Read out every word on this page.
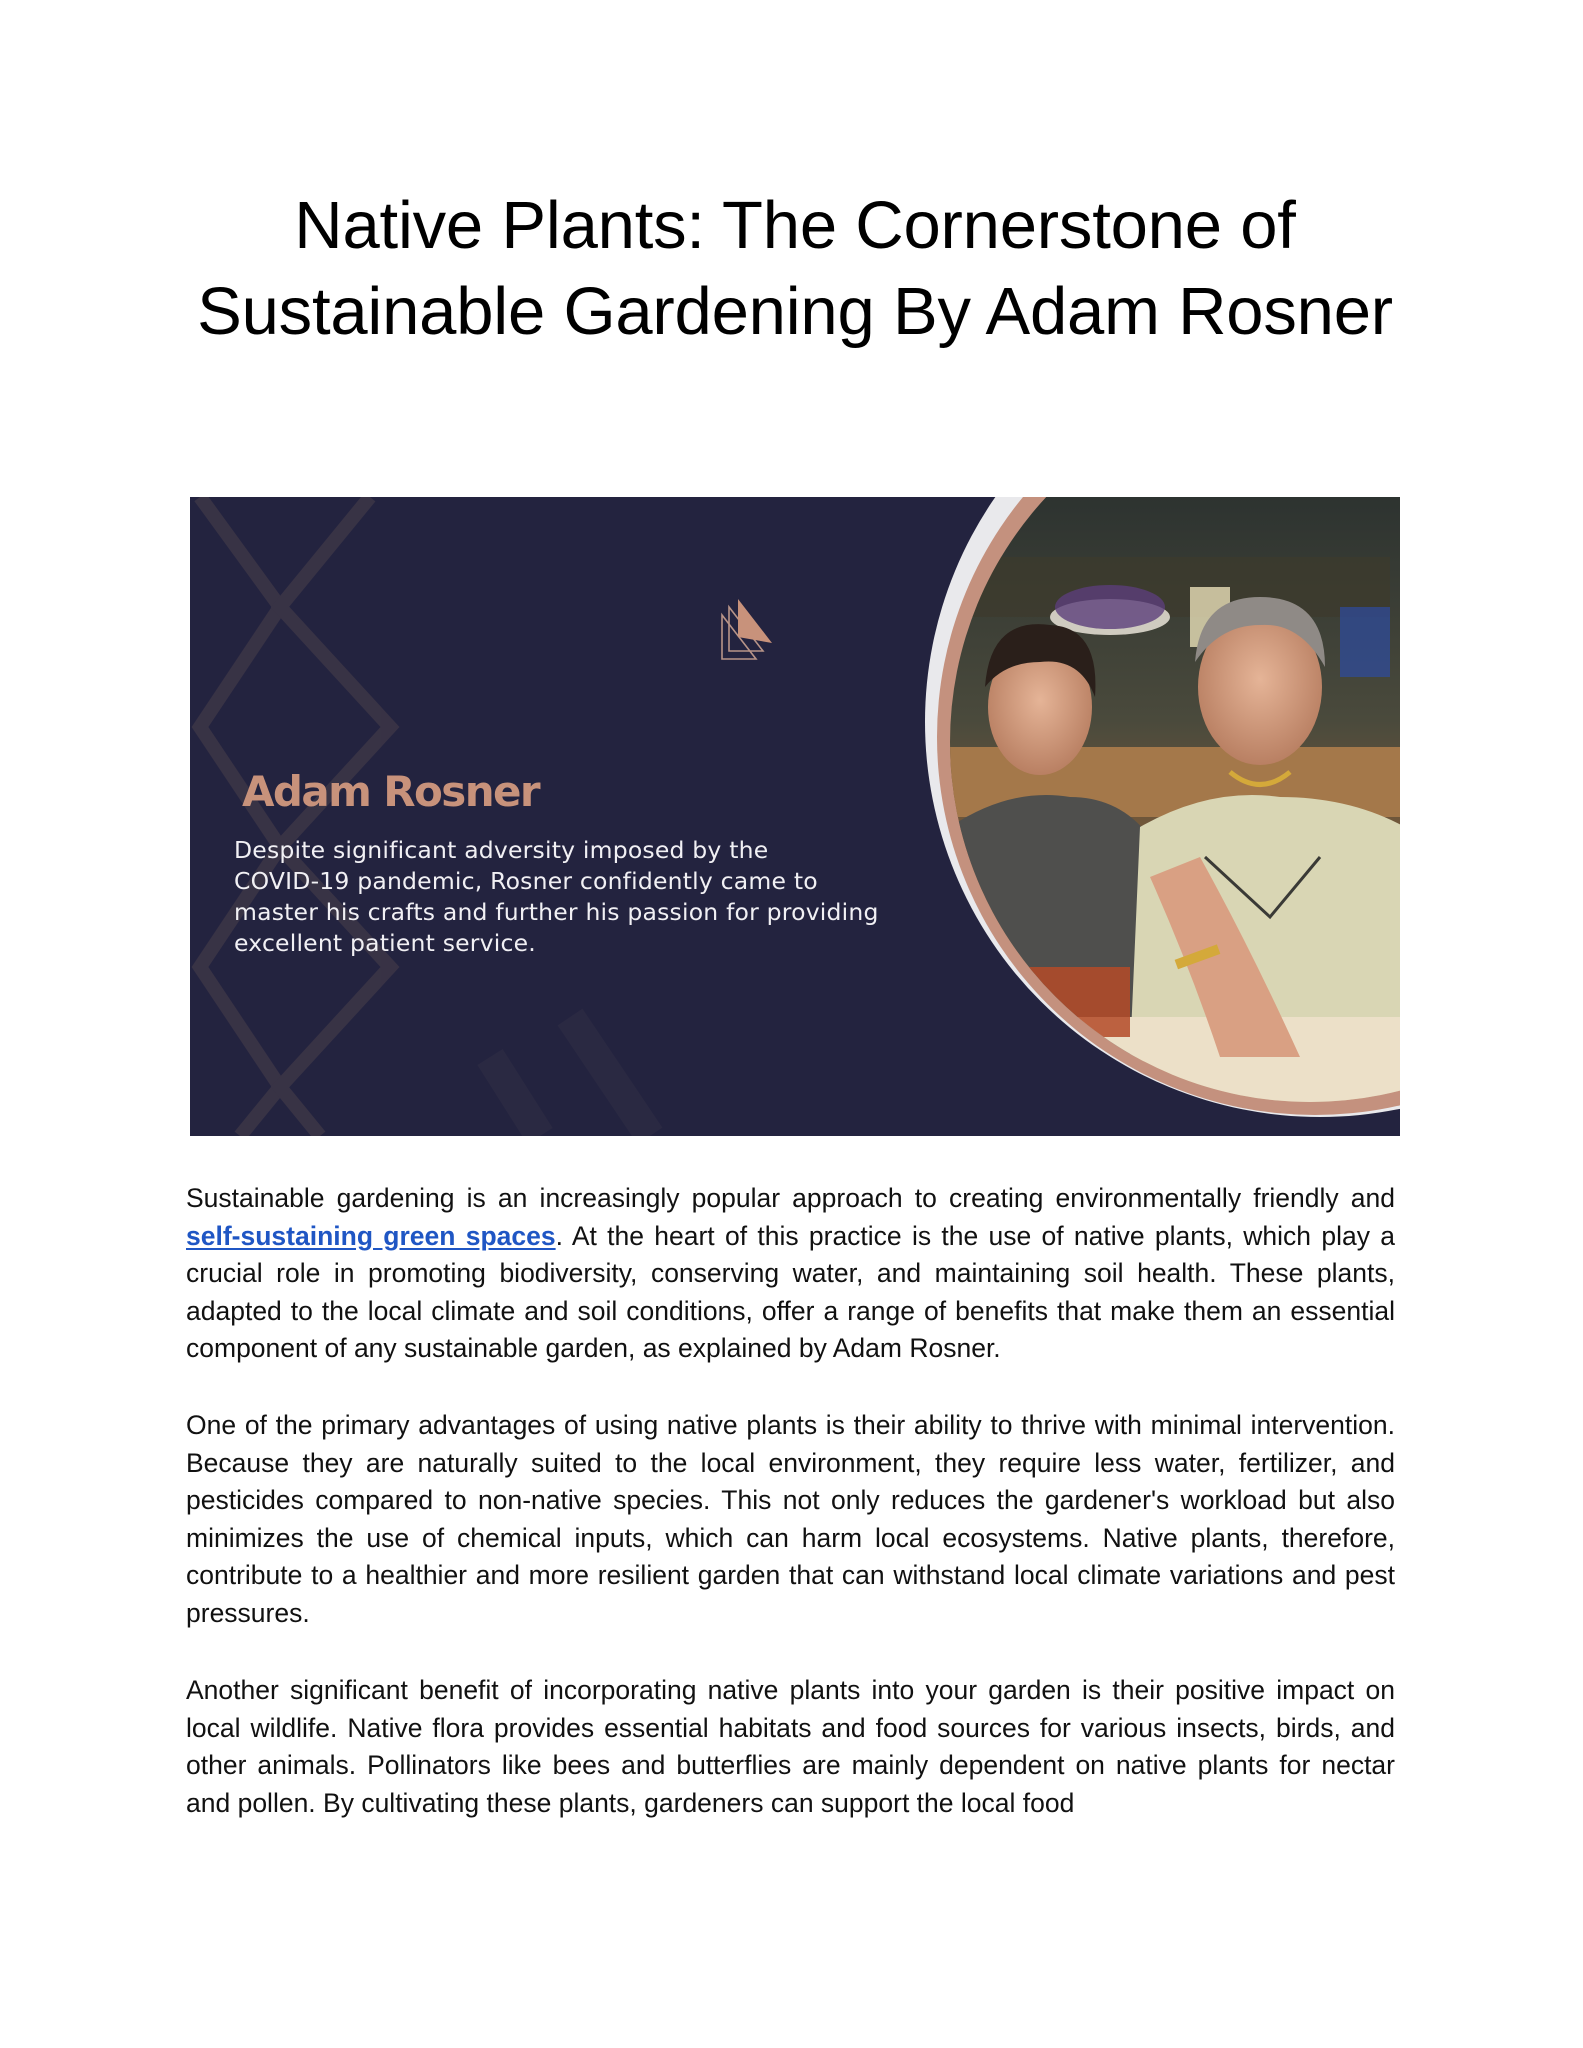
Native Plants: The Cornerstone of Sustainable Gardening By Adam Rosner
Adam Rosner

Despite significant adversity imposed by the
COVID-19 pandemic, Rosner confidently came to
master his crafts and further his passion for providing
excellent patient service.

Sustainable gardening is an increasingly popular approach to creating environmentally friendly and self-sustaining green spaces. At the heart of this practice is the use of native plants, which play a crucial role in promoting biodiversity, conserving water, and maintaining soil health. These plants, adapted to the local climate and soil conditions, offer a range of benefits that make them an essential component of any sustainable garden, as explained by Adam Rosner.

One of the primary advantages of using native plants is their ability to thrive with minimal intervention. Because they are naturally suited to the local environment, they require less water, fertilizer, and pesticides compared to non-native species. This not only reduces the gardener's workload but also minimizes the use of chemical inputs, which can harm local ecosystems. Native plants, therefore, contribute to a healthier and more resilient garden that can withstand local climate variations and pest pressures.

Another significant benefit of incorporating native plants into your garden is their positive impact on local wildlife. Native flora provides essential habitats and food sources for various insects, birds, and other animals. Pollinators like bees and butterflies are mainly dependent on native plants for nectar and pollen. By cultivating these plants, gardeners can support the local food
